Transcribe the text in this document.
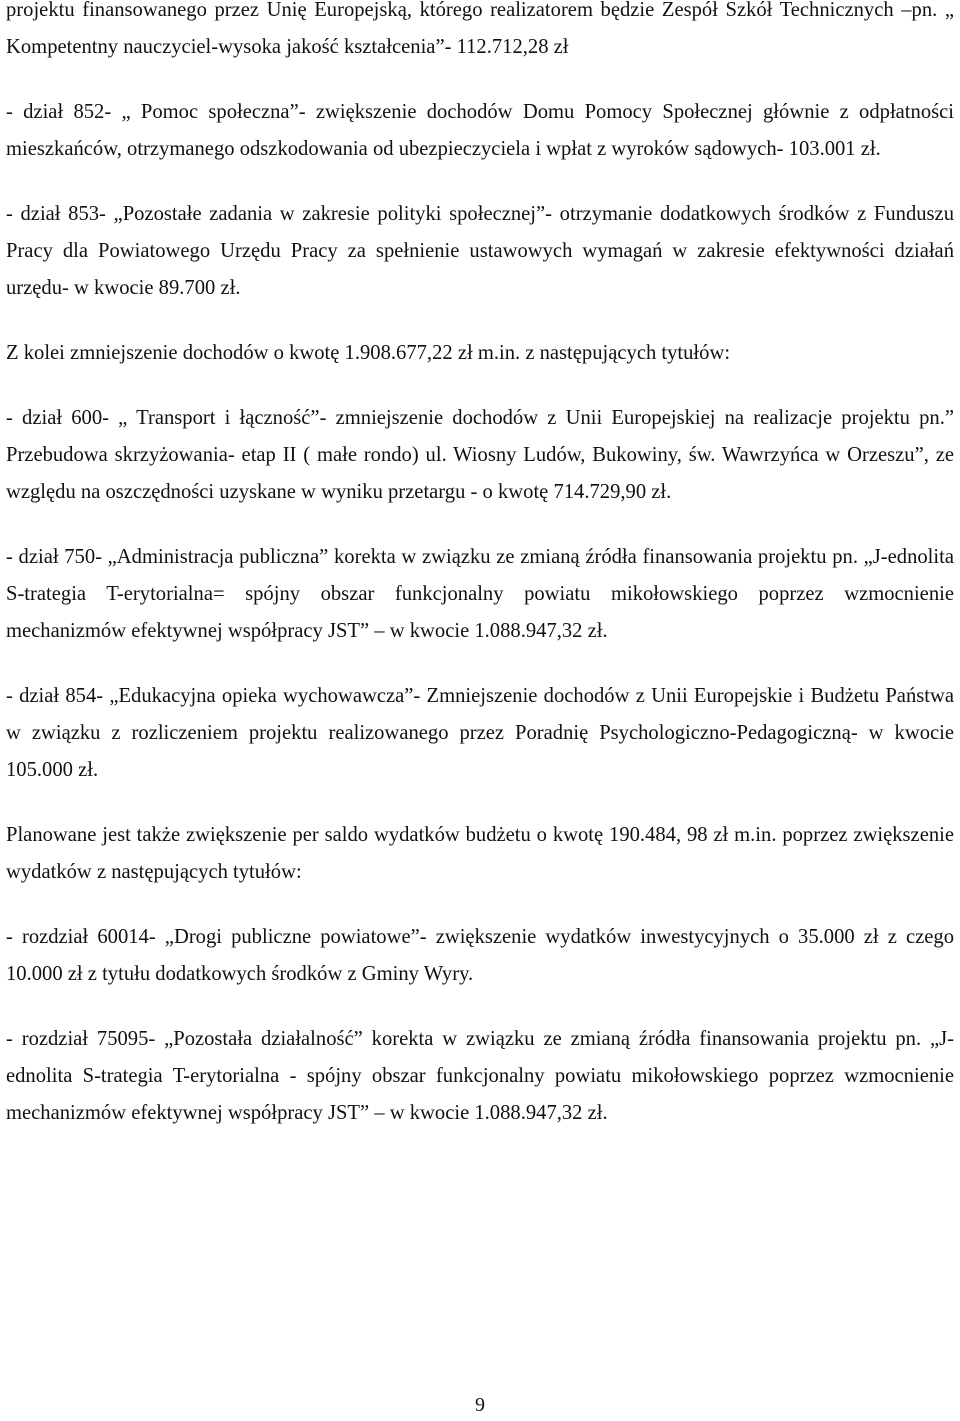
projektu finansowanego przez Unię Europejską, którego realizatorem będzie Zespół Szkół Technicznych –pn. „ Kompetentny nauczyciel-wysoka jakość kształcenia”- 112.712,28 zł

- dział 852- „ Pomoc społeczna”- zwiększenie dochodów Domu Pomocy Społecznej głównie z odpłatności mieszkańców, otrzymanego odszkodowania od ubezpieczyciela i wpłat z wyroków sądowych- 103.001 zł.

- dział 853- „Pozostałe zadania w zakresie polityki społecznej”- otrzymanie dodatkowych środków z Funduszu Pracy dla Powiatowego Urzędu Pracy za spełnienie ustawowych wymagań w zakresie efektywności działań urzędu- w kwocie 89.700 zł.

Z kolei zmniejszenie dochodów o kwotę 1.908.677,22 zł m.in. z następujących tytułów:

- dział 600- „ Transport i łączność”- zmniejszenie dochodów z Unii Europejskiej na realizacje projektu pn.” Przebudowa skrzyżowania- etap II ( małe rondo) ul. Wiosny Ludów, Bukowiny, św. Wawrzyńca w Orzeszu”, ze względu na oszczędności uzyskane w wyniku przetargu - o kwotę 714.729,90 zł.

- dział 750- „Administracja publiczna” korekta w związku ze zmianą źródła finansowania projektu pn. „J-ednolita S-trategia T-erytorialna= spójny obszar funkcjonalny powiatu mikołowskiego poprzez wzmocnienie mechanizmów efektywnej współpracy JST” – w kwocie 1.088.947,32 zł.

- dział 854- „Edukacyjna opieka wychowawcza”- Zmniejszenie dochodów z Unii Europejskie i Budżetu Państwa w związku z rozliczeniem projektu realizowanego przez Poradnię Psychologiczno-Pedagogiczną- w kwocie 105.000 zł.

Planowane jest także zwiększenie per saldo wydatków budżetu o kwotę 190.484, 98 zł m.in. poprzez zwiększenie wydatków z następujących tytułów:

- rozdział 60014- „Drogi publiczne powiatowe”- zwiększenie wydatków inwestycyjnych o 35.000 zł z czego 10.000 zł z tytułu dodatkowych środków z Gminy Wyry.

- rozdział 75095- „Pozostała działalność” korekta w związku ze zmianą źródła finansowania projektu pn. „J-ednolita S-trategia T-erytorialna - spójny obszar funkcjonalny powiatu mikołowskiego poprzez wzmocnienie mechanizmów efektywnej współpracy JST” – w kwocie 1.088.947,32 zł.

9
